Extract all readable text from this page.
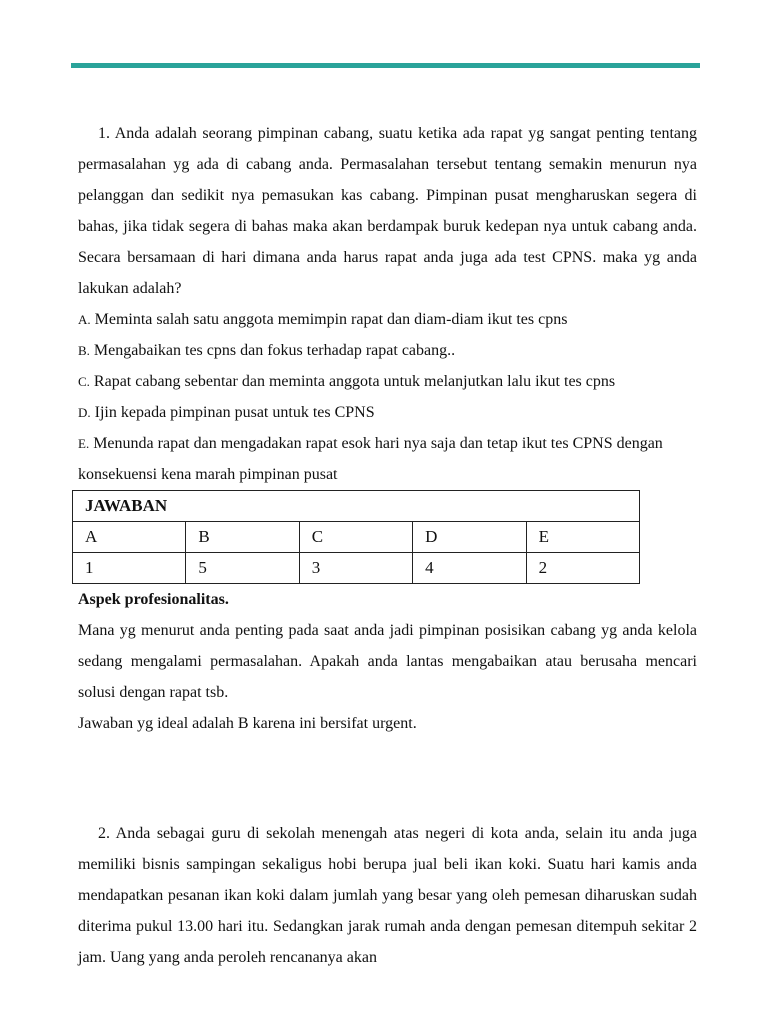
1. Anda adalah seorang pimpinan cabang, suatu ketika ada rapat yg sangat penting tentang permasalahan yg ada di cabang anda. Permasalahan tersebut tentang semakin menurun nya pelanggan dan sedikit nya pemasukan kas cabang. Pimpinan pusat mengharuskan segera di bahas, jika tidak segera di bahas maka akan berdampak buruk kedepan nya untuk cabang anda. Secara bersamaan di hari dimana anda harus rapat anda juga ada test CPNS. maka yg anda lakukan adalah?

A. Meminta salah satu anggota memimpin rapat dan diam-diam ikut tes cpns

B. Mengabaikan tes cpns dan fokus terhadap rapat cabang..

C. Rapat cabang sebentar dan meminta anggota untuk melanjutkan lalu ikut tes cpns

D. Ijin kepada pimpinan pusat untuk tes CPNS

E. Menunda rapat dan mengadakan rapat esok hari nya saja dan tetap ikut tes CPNS dengan konsekuensi kena marah pimpinan pusat

JAWABAN				
A	B	C	D	E
1	5	3	4	2

Aspek profesionalitas.

Mana yg menurut anda penting pada saat anda jadi pimpinan posisikan cabang yg anda kelola sedang mengalami permasalahan. Apakah anda lantas mengabaikan atau berusaha mencari solusi dengan rapat tsb.

Jawaban yg ideal adalah B karena ini bersifat urgent.

2. Anda sebagai guru di sekolah menengah atas negeri di kota anda, selain itu anda juga memiliki bisnis sampingan sekaligus hobi berupa jual beli ikan koki. Suatu hari kamis anda mendapatkan pesanan ikan koki dalam jumlah yang besar yang oleh pemesan diharuskan sudah diterima pukul 13.00 hari itu. Sedangkan jarak rumah anda dengan pemesan ditempuh sekitar 2 jam. Uang yang anda peroleh rencananya akan
